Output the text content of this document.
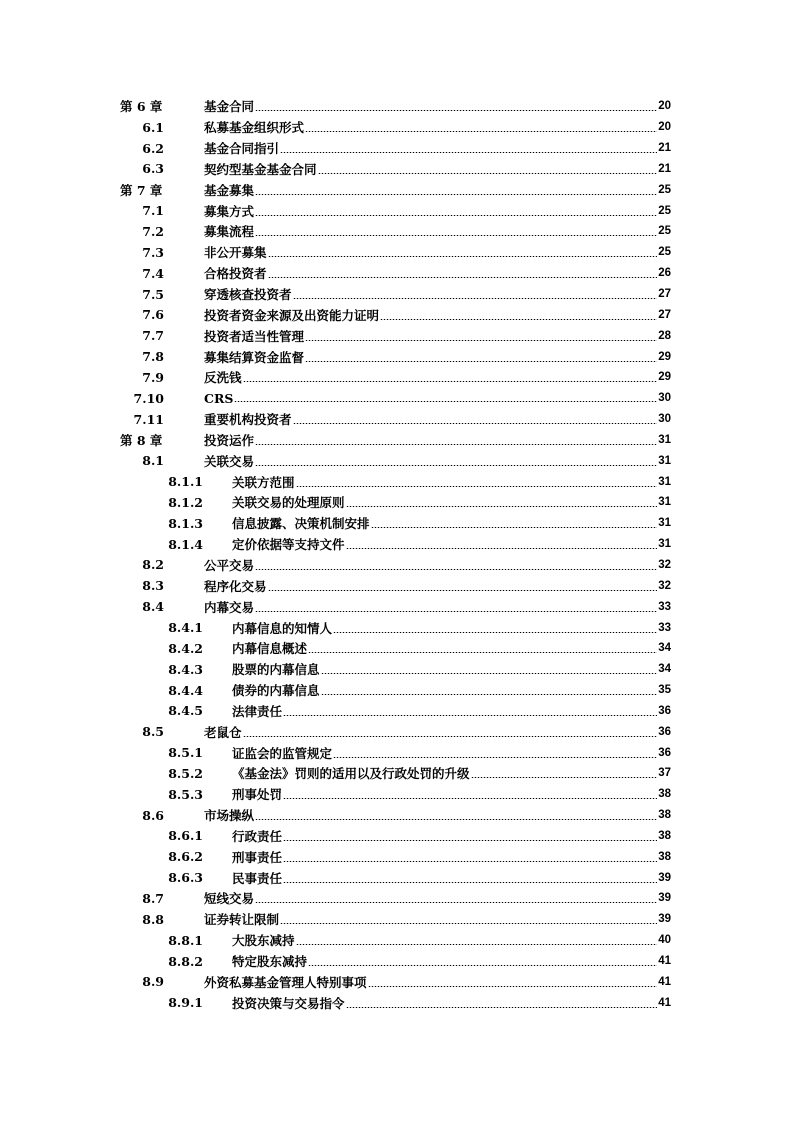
第 6 章	基金合同	20
6.1	私募基金组织形式	20
6.2	基金合同指引	21
6.3	契约型基金基金合同	21
第 7 章	基金募集	25
7.1	募集方式	25
7.2	募集流程	25
7.3	非公开募集	25
7.4	合格投资者	26
7.5	穿透核查投资者	27
7.6	投资者资金来源及出资能力证明	27
7.7	投资者适当性管理	28
7.8	募集结算资金监督	29
7.9	反洗钱	29
7.10	CRS	30
7.11	重要机构投资者	30
第 8 章	投资运作	31
8.1	关联交易	31
8.1.1 关联方范围	31
8.1.2 关联交易的处理原则	31
8.1.3 信息披露、决策机制安排	31
8.1.4 定价依据等支持文件	31
8.2	公平交易	32
8.3	程序化交易	32
8.4	内幕交易	33
8.4.1 内幕信息的知情人	33
8.4.2 内幕信息概述	34
8.4.3 股票的内幕信息	34
8.4.4 债券的内幕信息	35
8.4.5 法律责任	36
8.5	老鼠仓	36
8.5.1 证监会的监管规定	36
8.5.2 《基金法》罚则的适用以及行政处罚的升级	37
8.5.3 刑事处罚	38
8.6	市场操纵	38
8.6.1 行政责任	38
8.6.2 刑事责任	38
8.6.3 民事责任	39
8.7	短线交易	39
8.8	证券转让限制	39
8.8.1 大股东减持	40
8.8.2 特定股东减持	41
8.9	外资私募基金管理人特别事项	41
8.9.1 投资决策与交易指令	41
